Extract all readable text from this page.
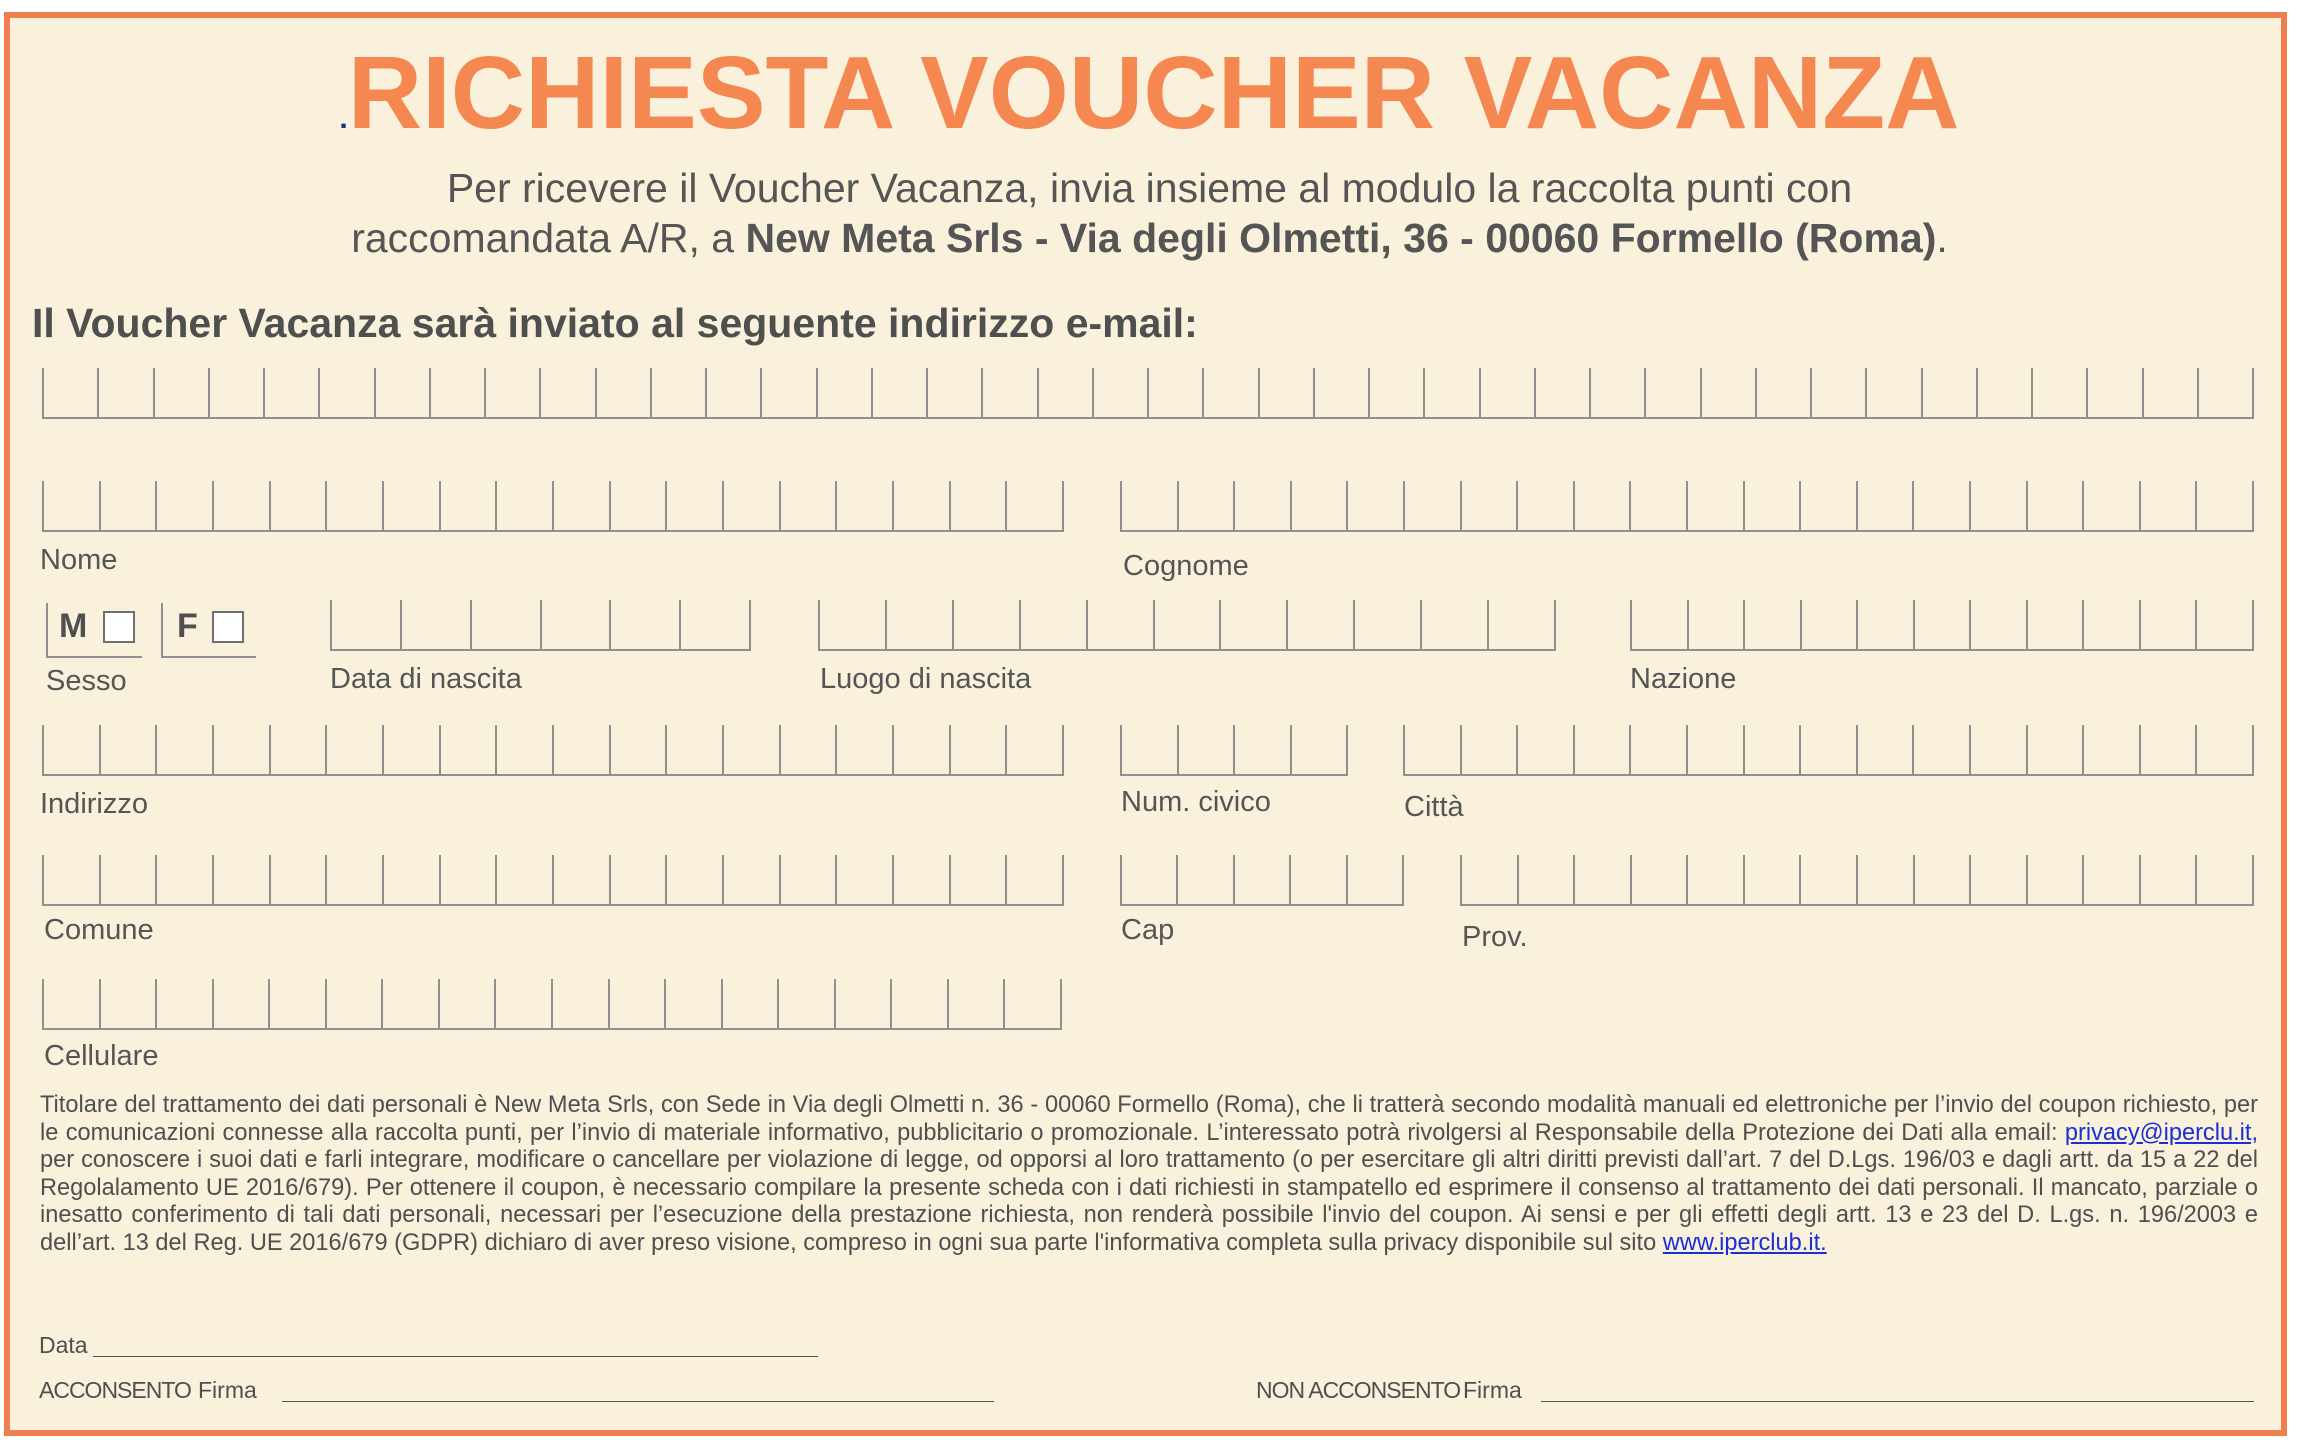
.RICHIESTA VOUCHER VACANZA
Per ricevere il Voucher Vacanza, invia insieme al modulo la raccolta punti con
raccomandata A/R, a New Meta Srls - Via degli Olmetti, 36 - 00060 Formello (Roma).
Il Voucher Vacanza sarà inviato al seguente indirizzo e-mail:
Nome	Cognome
M	F
Sesso	Data di nascita	Luogo di nascita	Nazione
Indirizzo	Num. civico	Città
Comune	Cap	Prov.
Cellulare
Titolare del trattamento dei dati personali è New Meta Srls, con Sede in Via degli Olmetti n. 36 - 00060 Formello (Roma), che li tratterà secondo modalità manuali ed elettroniche per l’invio del coupon richiesto, per le comunicazioni connesse alla raccolta punti, per l’invio di materiale informativo, pubblicitario o promozionale. L’interessato potrà rivolgersi al Responsabile della Protezione dei Dati alla email: privacy@iperclu.it, per conoscere i suoi dati e farli integrare, modificare o cancellare per violazione di legge, od opporsi al loro trattamento (o per esercitare gli altri diritti previsti dall’art. 7 del D.Lgs. 196/03 e dagli artt. da 15 a 22 del Regolalamento UE 2016/679). Per ottenere il coupon, è necessario compilare la presente scheda con i dati richiesti in stampatello ed esprimere il consenso al trattamento dei dati personali. Il mancato, parziale o inesatto conferimento di tali dati personali, necessari per l’esecuzione della prestazione richiesta, non renderà possibile l'invio del coupon. Ai sensi e per gli effetti degli artt. 13 e 23 del D. L.gs. n. 196/2003 e dell’art. 13 del Reg. UE 2016/679 (GDPR) dichiaro di aver preso visione, compreso in ogni sua parte l'informativa completa sulla privacy disponibile sul sito www.iperclub.it.
Data
ACCONSENTO Firma	NON ACCONSENTO Firma
